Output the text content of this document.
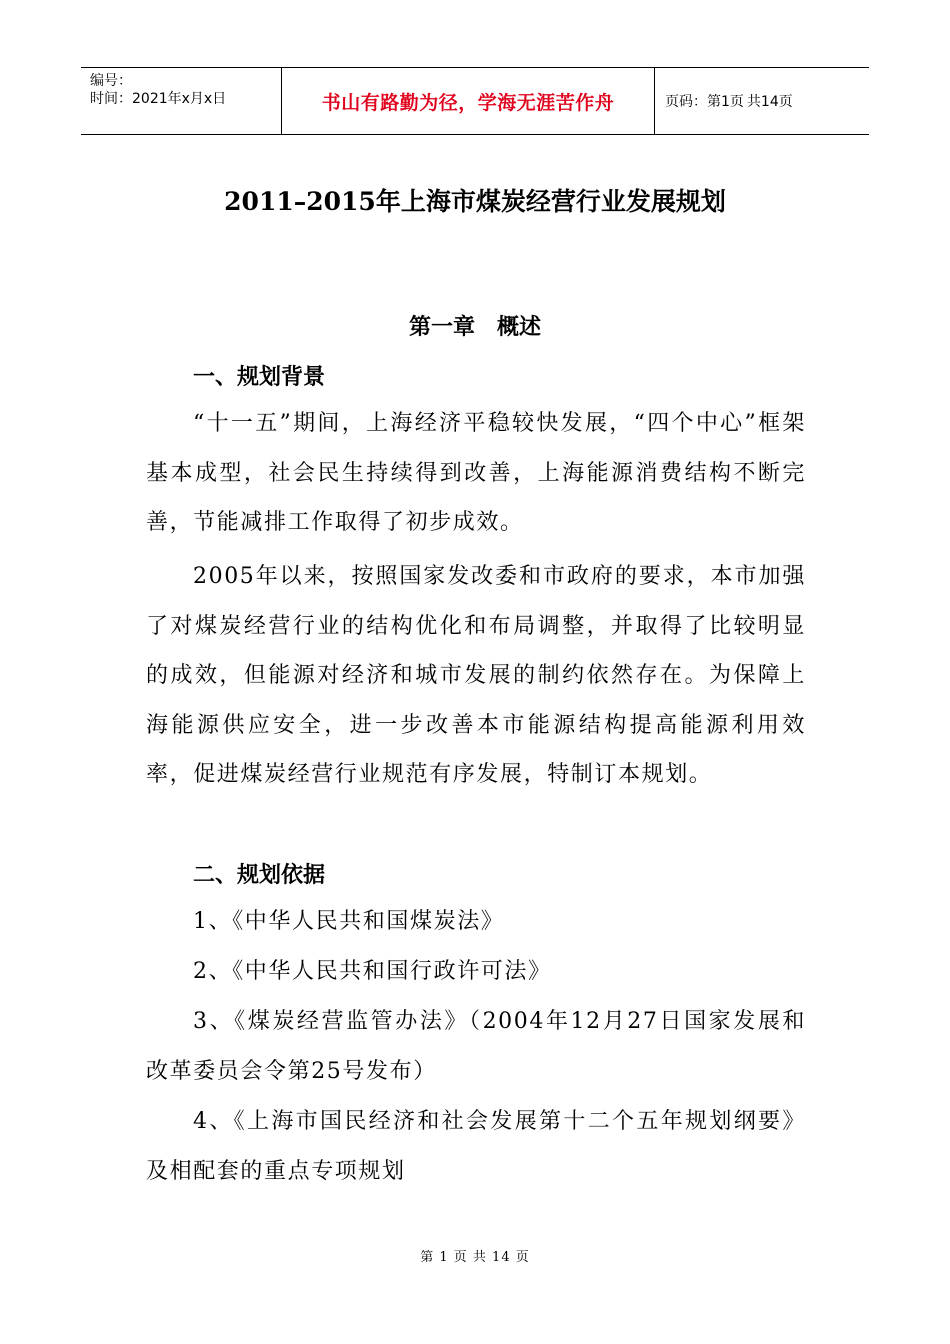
编号：
时间：2021年x月x日	书山有路勤为径，学海无涯苦作舟	页码：第1页 共14页
2011–2015年上海市煤炭经营行业发展规划
第一章　概述
一、规划背景
“十一五”期间，上海经济平稳较快发展，“四个中心”框架基本成型，社会民生持续得到改善，上海能源消费结构不断完善，节能减排工作取得了初步成效。
2005年以来，按照国家发改委和市政府的要求，本市加强了对煤炭经营行业的结构优化和布局调整，并取得了比较明显的成效，但能源对经济和城市发展的制约依然存在。为保障上海能源供应安全，进一步改善本市能源结构提高能源利用效率，促进煤炭经营行业规范有序发展，特制订本规划。
二、规划依据
1、《中华人民共和国煤炭法》
2、《中华人民共和国行政许可法》
3、《煤炭经营监管办法》（2004年12月27日国家发展和改革委员会令第25号发布）
4、《上海市国民经济和社会发展第十二个五年规划纲要》及相配套的重点专项规划
第 1 页 共 14 页
